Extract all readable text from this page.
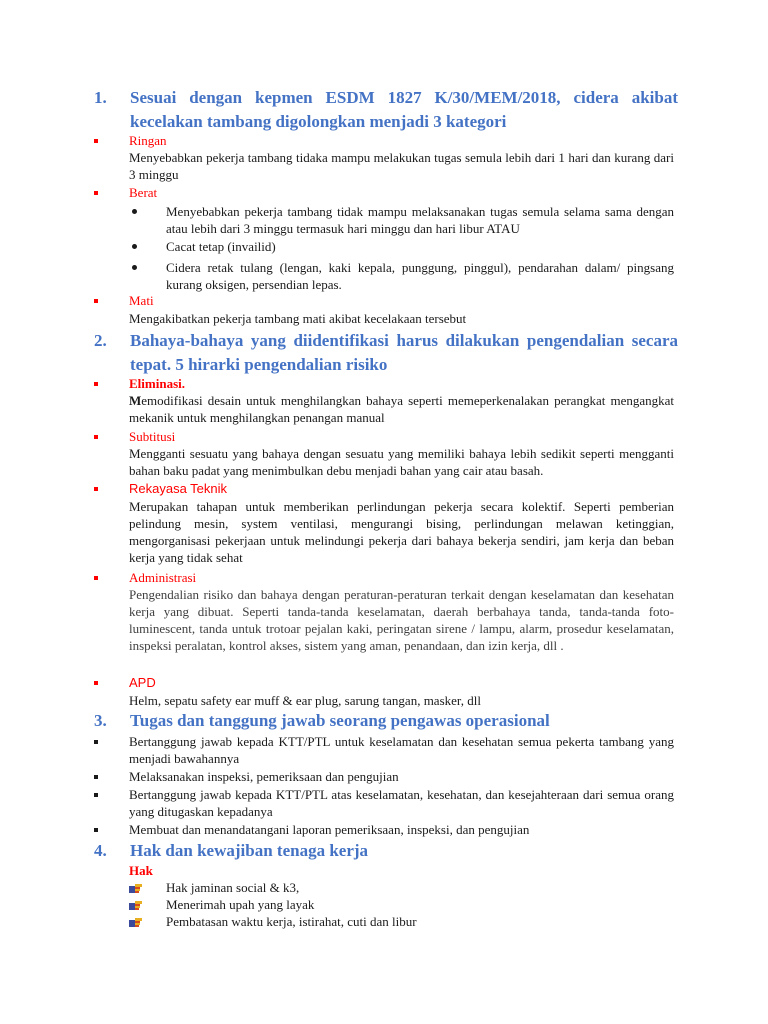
1. Sesuai dengan kepmen ESDM 1827 K/30/MEM/2018, cidera akibat kecelakan tambang digolongkan menjadi 3 kategori
Ringan
Menyebabkan pekerja tambang tidaka mampu melakukan tugas semula lebih dari 1 hari dan kurang dari 3 minggu
Berat
Menyebabkan pekerja tambang tidak mampu melaksanakan tugas semula selama sama dengan atau lebih dari 3 minggu termasuk hari minggu dan hari libur ATAU
Cacat tetap (invailid)
Cidera retak tulang (lengan, kaki kepala, punggung, pinggul), pendarahan dalam/ pingsang kurang oksigen, persendian lepas.
Mati
Mengakibatkan pekerja tambang mati akibat kecelakaan tersebut
2. Bahaya-bahaya yang diidentifikasi harus dilakukan pengendalian secara tepat. 5 hirarki pengendalian risiko
Eliminasi.
Memodifikasi desain untuk menghilangkan bahaya seperti memeperkenalakan perangkat mengangkat mekanik untuk menghilangkan penangan manual
Subtitusi
Mengganti sesuatu yang bahaya dengan sesuatu yang memiliki bahaya lebih sedikit seperti mengganti bahan baku padat yang menimbulkan debu menjadi bahan yang cair atau basah.
Rekayasa Teknik
Merupakan tahapan untuk memberikan perlindungan pekerja secara kolektif. Seperti pemberian pelindung mesin, system ventilasi, mengurangi bising, perlindungan melawan ketinggian, mengorganisasi pekerjaan untuk melindungi pekerja dari bahaya bekerja sendiri, jam kerja dan beban kerja yang tidak sehat
Administrasi
Pengendalian risiko dan bahaya dengan peraturan-peraturan terkait dengan keselamatan dan kesehatan kerja yang dibuat. Seperti tanda-tanda keselamatan, daerah berbahaya tanda, tanda-tanda foto-luminescent, tanda untuk trotoar pejalan kaki, peringatan sirene / lampu, alarm, prosedur keselamatan, inspeksi peralatan, kontrol akses, sistem yang aman, penandaan, dan izin kerja, dll .
APD
Helm, sepatu safety ear muff & ear plug, sarung tangan, masker, dll
3. Tugas dan tanggung jawab seorang pengawas operasional
Bertanggung jawab kepada KTT/PTL untuk keselamatan dan kesehatan semua pekerta tambang yang menjadi bawahannya
Melaksanakan inspeksi, pemeriksaan dan pengujian
Bertanggung jawab kepada KTT/PTL atas keselamatan, kesehatan, dan kesejahteraan dari semua orang yang ditugaskan kepadanya
Membuat dan menandatangani laporan pemeriksaan, inspeksi, dan pengujian
4. Hak dan kewajiban tenaga kerja
Hak
Hak jaminan social & k3,
Menerimah upah yang layak
Pembatasan waktu kerja, istirahat, cuti dan libur
